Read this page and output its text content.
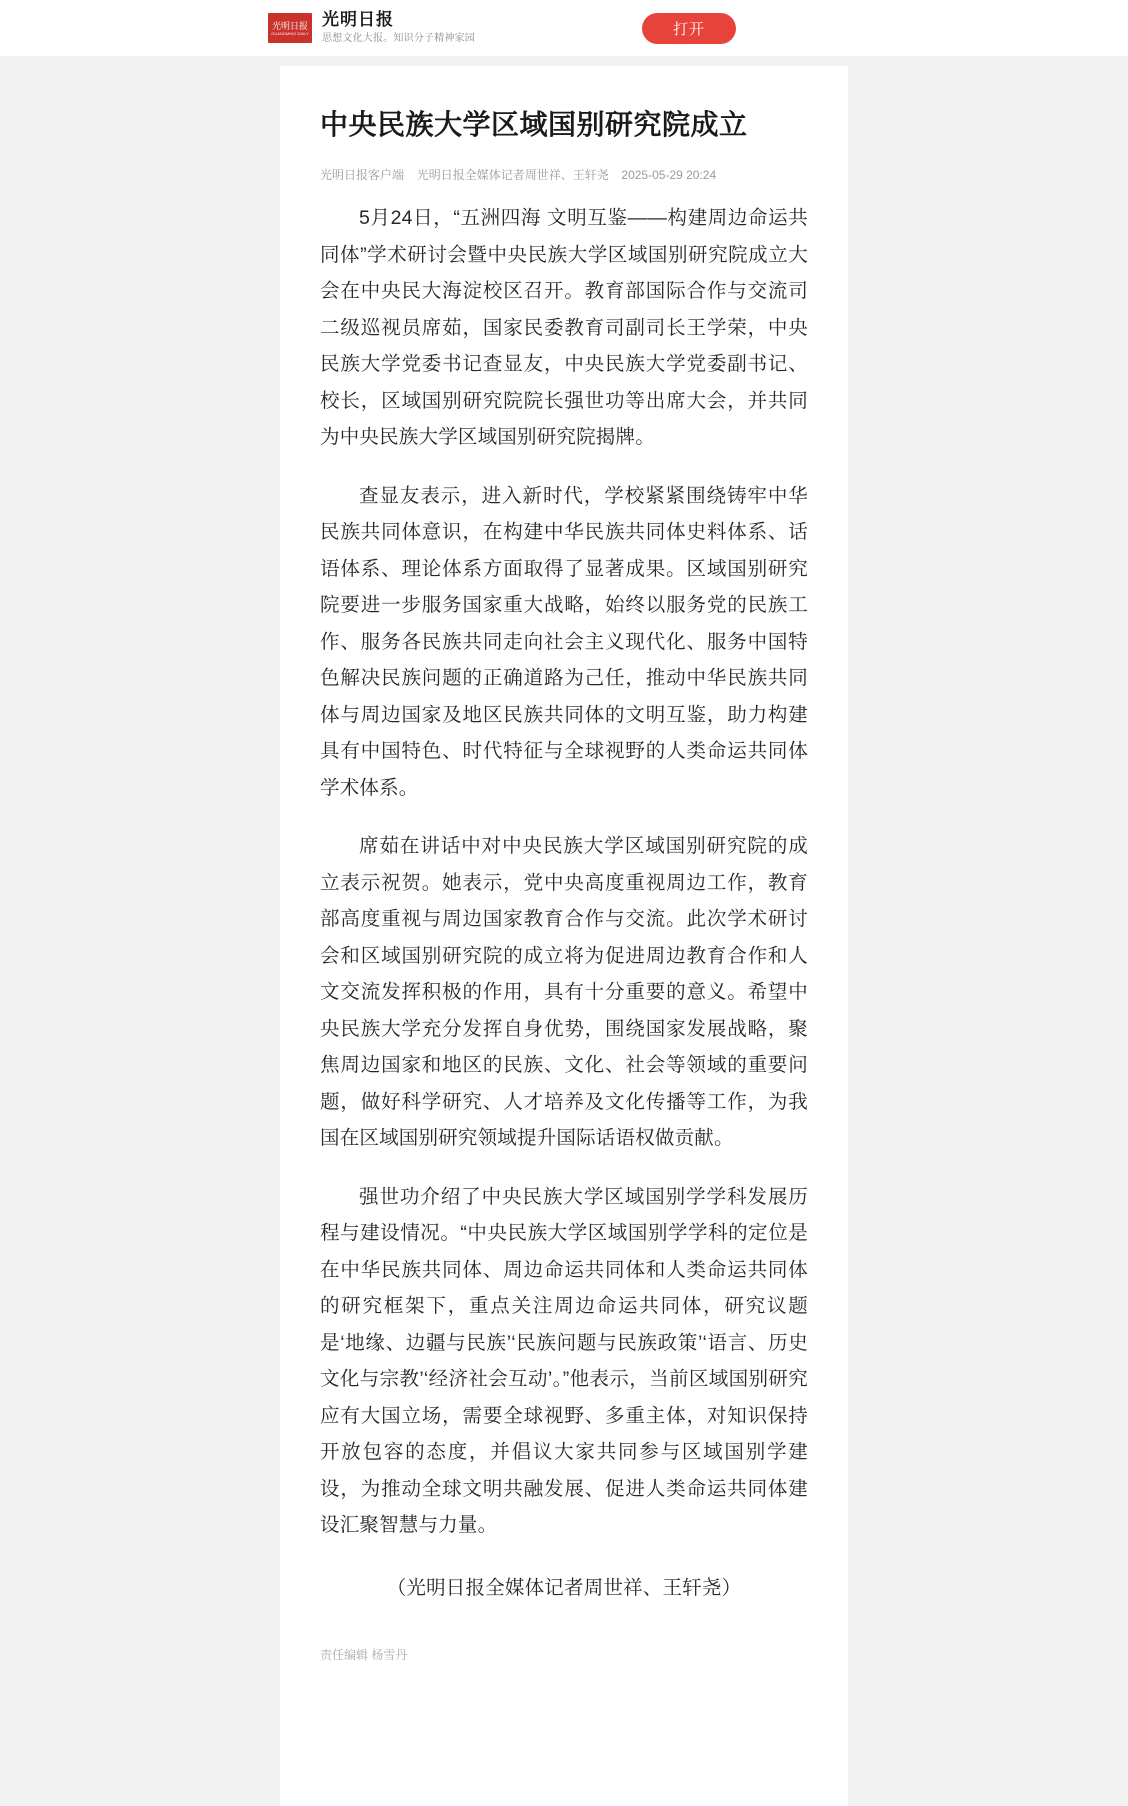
光明日报
GUANGMING DAILY
光明日报
思想文化大报。知识分子精神家园
打开
中央民族大学区域国别研究院成立
光明日报客户端 光明日报全媒体记者周世祥、王轩尧 2025-05-29 20:24

5月24日，“五洲四海 文明互鉴——构建周边命运共同体”学术研讨会暨中央民族大学区域国别研究院成立大会在中央民大海淀校区召开。教育部国际合作与交流司二级巡视员席茹，国家民委教育司副司长王学荣，中央民族大学党委书记查显友，中央民族大学党委副书记、校长，区域国别研究院院长强世功等出席大会，并共同为中央民族大学区域国别研究院揭牌。

查显友表示，进入新时代，学校紧紧围绕铸牢中华民族共同体意识，在构建中华民族共同体史料体系、话语体系、理论体系方面取得了显著成果。区域国别研究院要进一步服务国家重大战略，始终以服务党的民族工作、服务各民族共同走向社会主义现代化、服务中国特色解决民族问题的正确道路为己任，推动中华民族共同体与周边国家及地区民族共同体的文明互鉴，助力构建具有中国特色、时代特征与全球视野的人类命运共同体学术体系。

席茹在讲话中对中央民族大学区域国别研究院的成立表示祝贺。她表示，党中央高度重视周边工作，教育部高度重视与周边国家教育合作与交流。此次学术研讨会和区域国别研究院的成立将为促进周边教育合作和人文交流发挥积极的作用，具有十分重要的意义。希望中央民族大学充分发挥自身优势，围绕国家发展战略，聚焦周边国家和地区的民族、文化、社会等领域的重要问题，做好科学研究、人才培养及文化传播等工作，为我国在区域国别研究领域提升国际话语权做贡献。

强世功介绍了中央民族大学区域国别学学科发展历程与建设情况。“中央民族大学区域国别学学科的定位是在中华民族共同体、周边命运共同体和人类命运共同体的研究框架下，重点关注周边命运共同体，研究议题是‘地缘、边疆与民族’‘民族问题与民族政策’‘语言、历史文化与宗教’‘经济社会互动’。”他表示，当前区域国别研究应有大国立场，需要全球视野、多重主体，对知识保持开放包容的态度，并倡议大家共同参与区域国别学建设，为推动全球文明共融发展、促进人类命运共同体建设汇聚智慧与力量。

（光明日报全媒体记者周世祥、王轩尧）

责任编辑 杨雪丹
